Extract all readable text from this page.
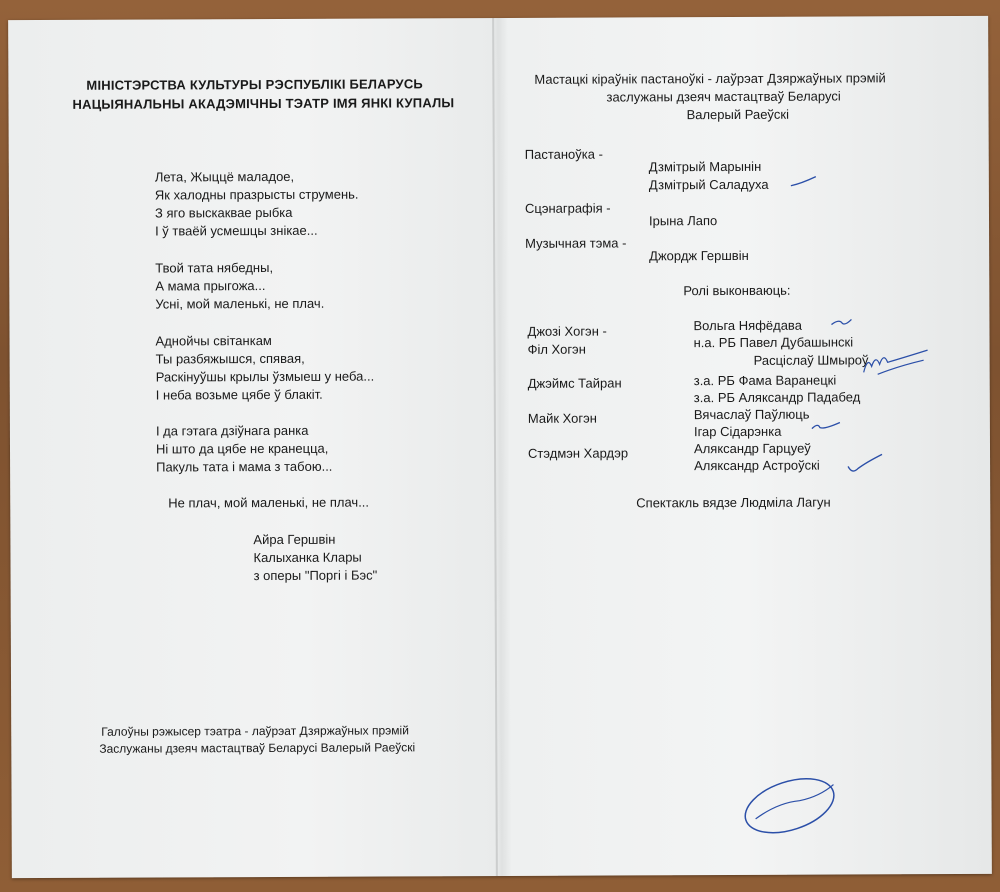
МІНІСТЭРСТВА КУЛЬТУРЫ РЭСПУБЛІКІ БЕЛАРУСЬ
НАЦЫЯНАЛЬНЫ АКАДЭМІЧНЫ ТЭАТР ІМЯ ЯНКІ КУПАЛЫ
Лета, Жыццё маладое,
Як халодны празрысты струмень.
З яго выскаквае рыбка
І ў тваёй усмешцы знікае...
Твой тата нябедны,
А мама прыгожа...
Усні, мой маленькі, не плач.
Аднойчы світанкам
Ты разбяжышся, спявая,
Раскінуўшы крылы ўзмыеш у неба...
І неба возьме цябе ў блакіт.
І да гэтага дзіўнага ранка
Ні што да цябе не кранецца,
Пакуль тата і мама з табою...
Не плач, мой маленькі, не плач...
Айра Гершвін
Калыханка Клары
з оперы "Поргі і Бэс"
Галоўны рэжысер тэатра - лаўрэат Дзяржаўных прэмій
Заслужаны дзеяч мастацтваў Беларусі Валерый Раеўскі
Мастацкі кіраўнік пастаноўкі - лаўрэат Дзяржаўных прэмій
заслужаны дзеяч мастацтваў Беларусі
Валерый Раеўскі
Пастаноўка -
Дзмітрый Марынін
Дзмітрый Саладуха
Сцэнаграфія -
Ірына Лапо
Музычная тэма -
Джордж Гершвін
Ролі выконваюць:
Джозі Хогэн -	Вольга Няфёдава
Філ Хогэн	н.а. РБ Павел Дубашынскі
Расціслаў Шмыроў
Джэймс Тайран	з.а. РБ Фама Варанецкі
з.а. РБ Аляксандр Падабед
Майк Хогэн	Вячаслаў Паўлюць
Ігар Сідарэнка
Стэдмэн Хардэр	Аляксандр Гарцуеў
Аляксандр Астроўскі
Спектакль вядзе Людміла Лагун
